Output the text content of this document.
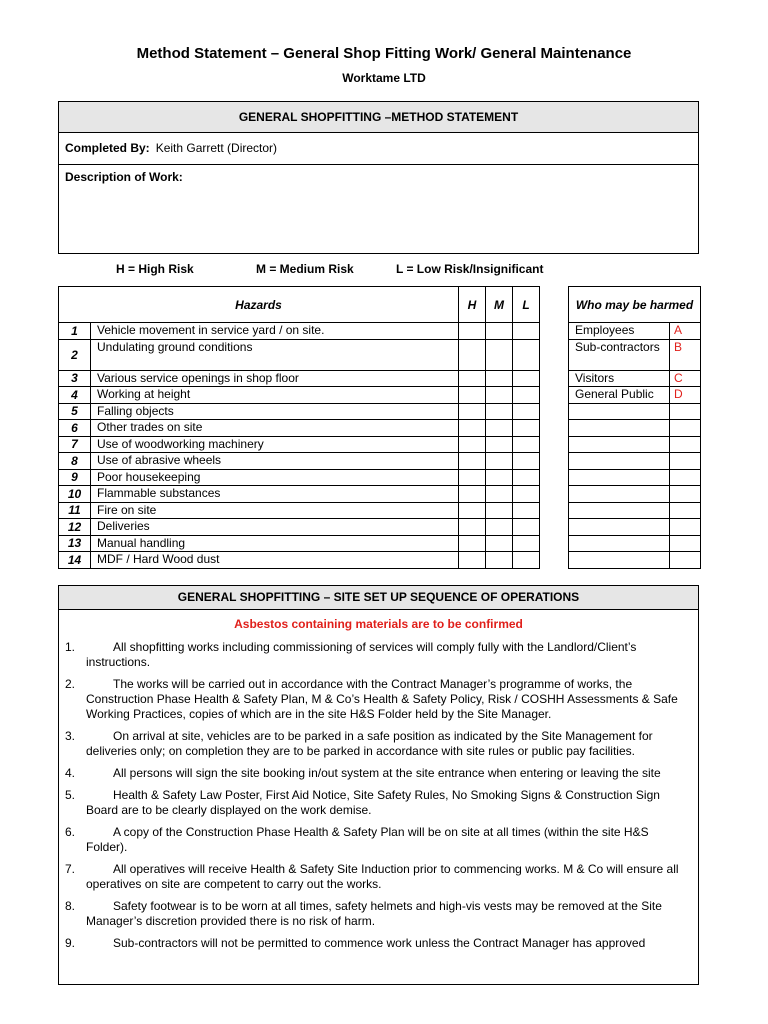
Method Statement – General Shop Fitting Work/ General Maintenance
Worktame LTD
GENERAL SHOPFITTING –METHOD STATEMENT
Completed By: Keith Garrett (Director)
Description of Work:
H = High Risk	M = Medium Risk	L = Low Risk/Insignificant
Hazards		H	M	L
1	Vehicle movement in service yard / on site.			
2	Undulating ground conditions			
3	Various service openings in shop floor			
4	Working at height			
5	Falling objects			
6	Other trades on site			
7	Use of woodworking machinery			
8	Use of abrasive wheels			
9	Poor housekeeping			
10	Flammable substances			
11	Fire on site			
12	Deliveries			
13	Manual handling			
14	MDF / Hard Wood dust			
Who may be harmed	
Employees	A
Sub-contractors	B
Visitors	C
General Public	D

GENERAL SHOPFITTING – SITE SET UP SEQUENCE OF OPERATIONS
Asbestos containing materials are to be confirmed
1.	All shopfitting works including commissioning of services will comply fully with the Landlord/Client’s instructions.
2.	The works will be carried out in accordance with the Contract Manager’s programme of works, the Construction Phase Health & Safety Plan, M & Co’s Health & Safety Policy, Risk / COSHH Assessments & Safe Working Practices, copies of which are in the site H&S Folder held by the Site Manager.
3.	On arrival at site, vehicles are to be parked in a safe position as indicated by the Site Management for deliveries only; on completion they are to be parked in accordance with site rules or public pay facilities.
4.	All persons will sign the site booking in/out system at the site entrance when entering or leaving the site
5.	Health & Safety Law Poster, First Aid Notice, Site Safety Rules, No Smoking Signs & Construction Sign Board are to be clearly displayed on the work demise.
6.	A copy of the Construction Phase Health & Safety Plan will be on site at all times (within the site H&S Folder).
7.	All operatives will receive Health & Safety Site Induction prior to commencing works. M & Co will ensure all operatives on site are competent to carry out the works.
8.	Safety footwear is to be worn at all times, safety helmets and high-vis vests may be removed at the Site Manager’s discretion provided there is no risk of harm.
9.	Sub-contractors will not be permitted to commence work unless the Contract Manager has approved
